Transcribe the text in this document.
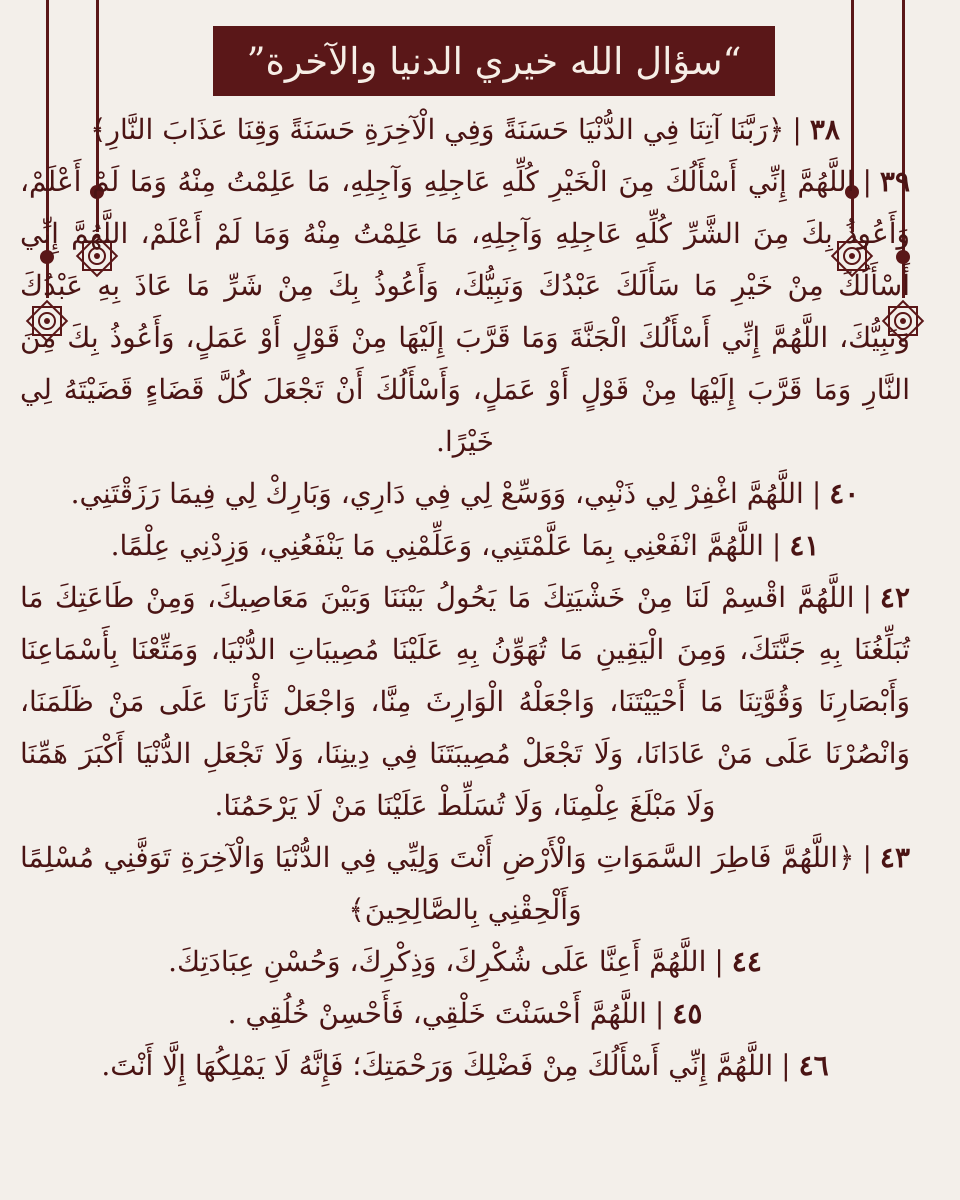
“سؤال الله خيري الدنيا والآخرة”

٣٨|﴿رَبَّنَا آتِنَا فِي الدُّنْيَا حَسَنَةً وَفِي الْآخِرَةِ حَسَنَةً وَقِنَا عَذَابَ النَّارِ﴾

٣٩|اللَّهُمَّ إِنِّي أَسْأَلُكَ مِنَ الْخَيْرِ كُلِّهِ عَاجِلِهِ وَآجِلِهِ، مَا عَلِمْتُ مِنْهُ وَمَا لَمْ أَعْلَمْ، وَأَعُوذُ بِكَ مِنَ الشَّرِّ كُلِّهِ عَاجِلِهِ وَآجِلِهِ، مَا عَلِمْتُ مِنْهُ وَمَا لَمْ أَعْلَمْ، اللَّهُمَّ إِنِّي أَسْأَلُكَ مِنْ خَيْرِ مَا سَأَلَكَ عَبْدُكَ وَنَبِيُّكَ، وَأَعُوذُ بِكَ مِنْ شَرِّ مَا عَاذَ بِهِ عَبْدُكَ وَنَبِيُّكَ، اللَّهُمَّ إِنِّي أَسْأَلُكَ الْجَنَّةَ وَمَا قَرَّبَ إِلَيْهَا مِنْ قَوْلٍ أَوْ عَمَلٍ، وَأَعُوذُ بِكَ مِنَ النَّارِ وَمَا قَرَّبَ إِلَيْهَا مِنْ قَوْلٍ أَوْ عَمَلٍ، وَأَسْأَلُكَ أَنْ تَجْعَلَ كُلَّ قَضَاءٍ قَضَيْتَهُ لِي خَيْرًا.

٤٠|اللَّهُمَّ اغْفِرْ لِي ذَنْبِي، وَوَسِّعْ لِي فِي دَارِي، وَبَارِكْ لِي فِيمَا رَزَقْتَنِي.

٤١|اللَّهُمَّ انْفَعْنِي بِمَا عَلَّمْتَنِي، وَعَلِّمْنِي مَا يَنْفَعُنِي، وَزِدْنِي عِلْمًا.

٤٢|اللَّهُمَّ اقْسِمْ لَنَا مِنْ خَشْيَتِكَ مَا يَحُولُ بَيْنَنَا وَبَيْنَ مَعَاصِيكَ، وَمِنْ طَاعَتِكَ مَا تُبَلِّغُنَا بِهِ جَنَّتَكَ، وَمِنَ الْيَقِينِ مَا تُهَوِّنُ بِهِ عَلَيْنَا مُصِيبَاتِ الدُّنْيَا، وَمَتِّعْنَا بِأَسْمَاعِنَا وَأَبْصَارِنَا وَقُوَّتِنَا مَا أَحْيَيْتَنَا، وَاجْعَلْهُ الْوَارِثَ مِنَّا، وَاجْعَلْ ثَأْرَنَا عَلَى مَنْ ظَلَمَنَا، وَانْصُرْنَا عَلَى مَنْ عَادَانَا، وَلَا تَجْعَلْ مُصِيبَتَنَا فِي دِينِنَا، وَلَا تَجْعَلِ الدُّنْيَا أَكْبَرَ هَمِّنَا وَلَا مَبْلَغَ عِلْمِنَا، وَلَا تُسَلِّطْ عَلَيْنَا مَنْ لَا يَرْحَمُنَا.

٤٣|﴿اللَّهُمَّ فَاطِرَ السَّمَوَاتِ وَالْأَرْضِ أَنْتَ وَلِيِّي فِي الدُّنْيَا وَالْآخِرَةِ تَوَفَّنِي مُسْلِمًا وَأَلْحِقْنِي بِالصَّالِحِينَ﴾

٤٤|اللَّهُمَّ أَعِنَّا عَلَى شُكْرِكَ، وَذِكْرِكَ، وَحُسْنِ عِبَادَتِكَ.

٤٥|اللَّهُمَّ أَحْسَنْتَ خَلْقِي، فَأَحْسِنْ خُلُقِي .

٤٦|اللَّهُمَّ إِنِّي أَسْأَلُكَ مِنْ فَضْلِكَ وَرَحْمَتِكَ؛ فَإِنَّهُ لَا يَمْلِكُهَا إِلَّا أَنْتَ.
